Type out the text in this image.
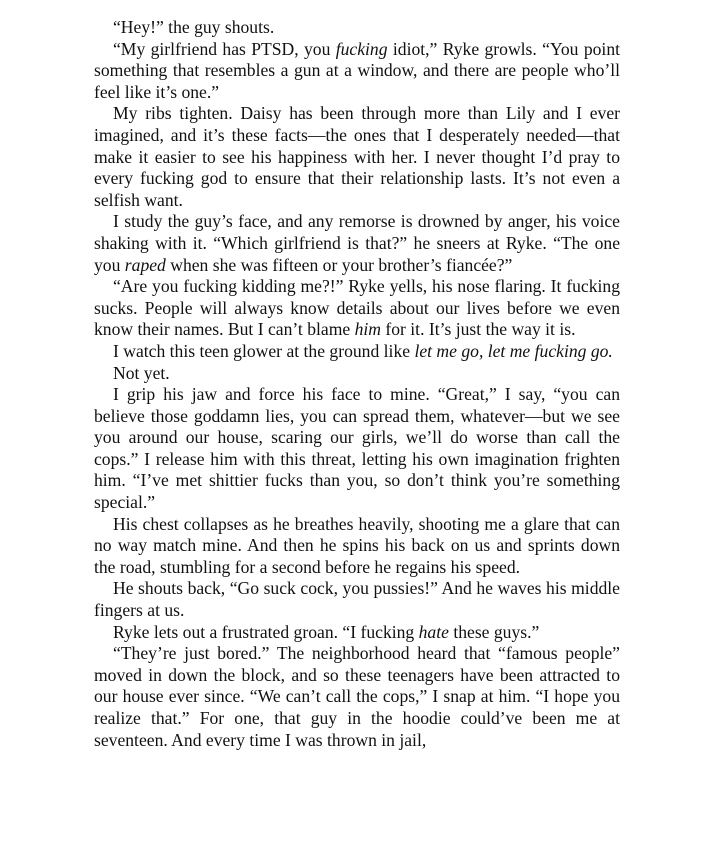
“Hey!” the guy shouts.

“My girlfriend has PTSD, you fucking idiot,” Ryke growls. “You point something that resembles a gun at a window, and there are people who’ll feel like it’s one.”

My ribs tighten. Daisy has been through more than Lily and I ever imagined, and it’s these facts—the ones that I desperately needed—that make it easier to see his happiness with her. I never thought I’d pray to every fucking god to ensure that their relationship lasts. It’s not even a selfish want.

I study the guy’s face, and any remorse is drowned by anger, his voice shaking with it. “Which girlfriend is that?” he sneers at Ryke. “The one you raped when she was fifteen or your brother’s fiancée?”

“Are you fucking kidding me?!” Ryke yells, his nose flaring. It fucking sucks. People will always know details about our lives before we even know their names. But I can’t blame him for it. It’s just the way it is.

I watch this teen glower at the ground like let me go, let me fucking go.

Not yet.

I grip his jaw and force his face to mine. “Great,” I say, “you can believe those goddamn lies, you can spread them, whatever—but we see you around our house, scaring our girls, we’ll do worse than call the cops.” I release him with this threat, letting his own imagination frighten him. “I’ve met shittier fucks than you, so don’t think you’re something special.”

His chest collapses as he breathes heavily, shooting me a glare that can no way match mine. And then he spins his back on us and sprints down the road, stumbling for a second before he regains his speed.

He shouts back, “Go suck cock, you pussies!” And he waves his middle fingers at us.

Ryke lets out a frustrated groan. “I fucking hate these guys.”

“They’re just bored.” The neighborhood heard that “famous people” moved in down the block, and so these teenagers have been attracted to our house ever since. “We can’t call the cops,” I snap at him. “I hope you realize that.” For one, that guy in the hoodie could’ve been me at seventeen. And every time I was thrown in jail,
